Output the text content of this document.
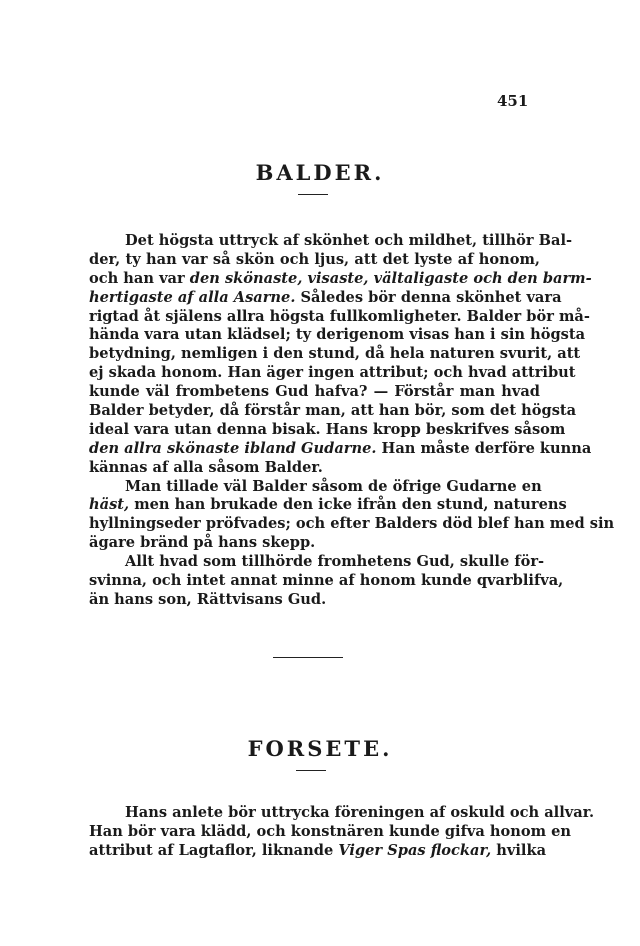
451
BALDER.
Det högsta uttryck af skönhet och mildhet, tillhör Bal-
der, ty han var så skön och ljus, att det lyste af honom,
och han var den skönaste, visaste, vältaligaste och den barm-
hertigaste af alla Asarne. Således bör denna skönhet vara
rigtad åt själens allra högsta fullkomligheter. Balder bör må-
hända vara utan klädsel; ty derigenom visas han i sin högsta
betydning, nemligen i den stund, då hela naturen svurit, att
ej skada honom. Han äger ingen attribut; och hvad attribut
kunde väl frombetens Gud hafva? — Förstår man hvad
Balder betyder, då förstår man, att han bör, som det högsta
ideal vara utan denna bisak. Hans kropp beskrifves såsom
den allra skönaste ibland Gudarne. Han måste derföre kunna
kännas af alla såsom Balder.
Man tillade väl Balder såsom de öfrige Gudarne en
häst, men han brukade den icke ifrån den stund, naturens
hyllningseder pröfvades; och efter Balders död blef han med sin
ägare bränd på hans skepp.
Allt hvad som tillhörde fromhetens Gud, skulle för-
svinna, och intet annat minne af honom kunde qvarblifva,
än hans son, Rättvisans Gud.
FORSETE.
Hans anlete bör uttrycka föreningen af oskuld och allvar.
Han bör vara klädd, och konstnären kunde gifva honom en
attribut af Lagtaflor, liknande Viger Spas flockar, hvilka
